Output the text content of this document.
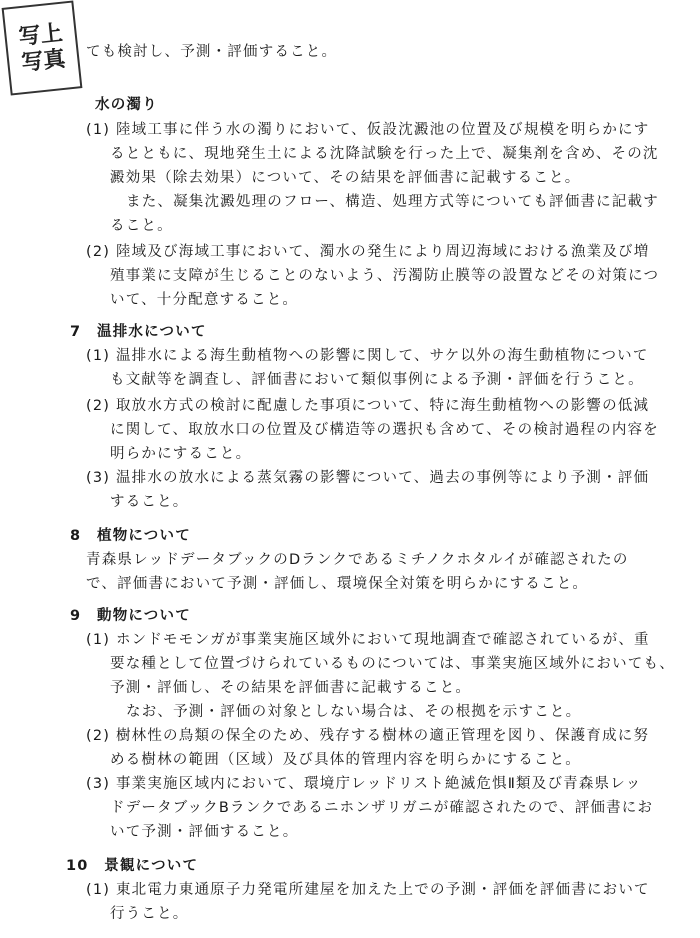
写上
写真 ても検討し、予測・評価すること。
水の濁り
(1) 陸域工事に伴う水の濁りにおいて、仮設沈澱池の位置及び規模を明らかにす
るとともに、現地発生土による沈降試験を行った上で、凝集剤を含め、その沈
澱効果（除去効果）について、その結果を評価書に記載すること。
また、凝集沈澱処理のフロー、構造、処理方式等についても評価書に記載す
ること。
(2) 陸域及び海域工事において、濁水の発生により周辺海域における漁業及び増
殖事業に支障が生じることのないよう、汚濁防止膜等の設置などその対策につ
いて、十分配意すること。
7　温排水について
(1) 温排水による海生動植物への影響に関して、サケ以外の海生動植物について
も文献等を調査し、評価書において類似事例による予測・評価を行うこと。
(2) 取放水方式の検討に配慮した事項について、特に海生動植物への影響の低減
に関して、取放水口の位置及び構造等の選択も含めて、その検討過程の内容を
明らかにすること。
(3) 温排水の放水による蒸気霧の影響について、過去の事例等により予測・評価
すること。
8　植物について
青森県レッドデータブックのDランクであるミチノクホタルイが確認されたの
で、評価書において予測・評価し、環境保全対策を明らかにすること。
9　動物について
(1) ホンドモモンガが事業実施区域外において現地調査で確認されているが、重
要な種として位置づけられているものについては、事業実施区域外においても、
予測・評価し、その結果を評価書に記載すること。
なお、予測・評価の対象としない場合は、その根拠を示すこと。
(2) 樹林性の鳥類の保全のため、残存する樹林の適正管理を図り、保護育成に努
める樹林の範囲（区域）及び具体的管理内容を明らかにすること。
(3) 事業実施区域内において、環境庁レッドリスト絶滅危惧Ⅱ類及び青森県レッ
ドデータブックBランクであるニホンザリガニが確認されたので、評価書にお
いて予測・評価すること。
10　景観について
(1) 東北電力東通原子力発電所建屋を加えた上での予測・評価を評価書において
行うこと。
